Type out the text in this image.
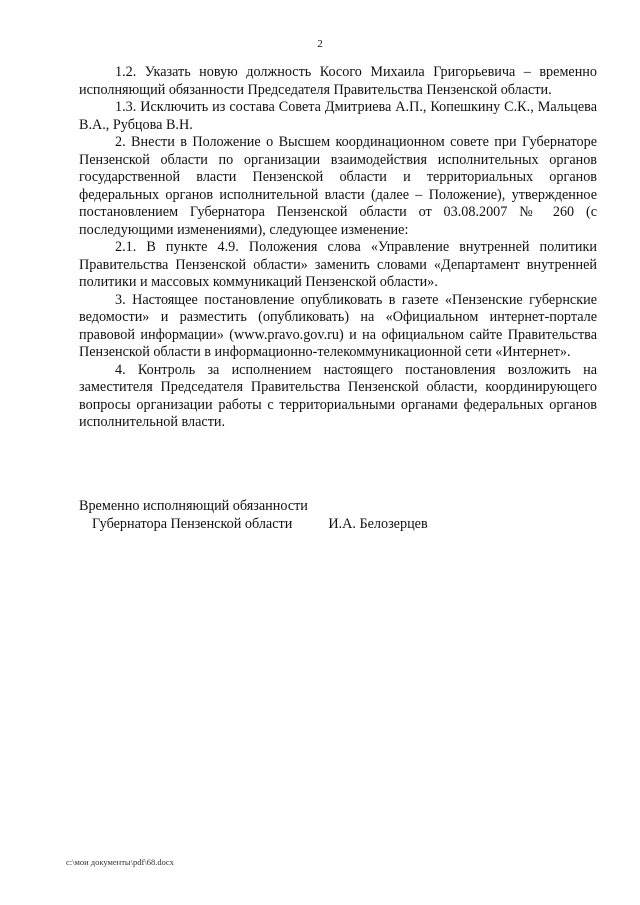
2

1.2. Указать новую должность Косого Михаила Григорьевича – временно исполняющий обязанности Председателя Правительства Пензенской области.

1.3. Исключить из состава Совета Дмитриева А.П., Копешкину С.К., Мальцева В.А., Рубцова В.Н.

2. Внести в Положение о Высшем координационном совете при Губернаторе Пензенской области по организации взаимодействия исполнительных органов государственной власти Пензенской области и территориальных органов федеральных органов исполнительной власти (далее – Положение), утвержденное постановлением Губернатора Пензенской области от 03.08.2007 № 260 (с последующими изменениями), следующее изменение:

2.1. В пункте 4.9. Положения слова «Управление внутренней политики Правительства Пензенской области» заменить словами «Департамент внутренней политики и массовых коммуникаций Пензенской области».

3. Настоящее постановление опубликовать в газете «Пензенские губернские ведомости» и разместить (опубликовать) на «Официальном интернет-портале правовой информации» (www.pravo.gov.ru) и на официальном сайте Правительства Пензенской области в информационно-телекоммуникационной сети «Интернет».

4. Контроль за исполнением настоящего постановления возложить на заместителя Председателя Правительства Пензенской области, координирующего вопросы организации работы с территориальными органами федеральных органов исполнительной власти.

Временно исполняющий обязанности
Губернатора Пензенской области	И.А. Белозерцев
c:\мои документы\pdf\68.docx
